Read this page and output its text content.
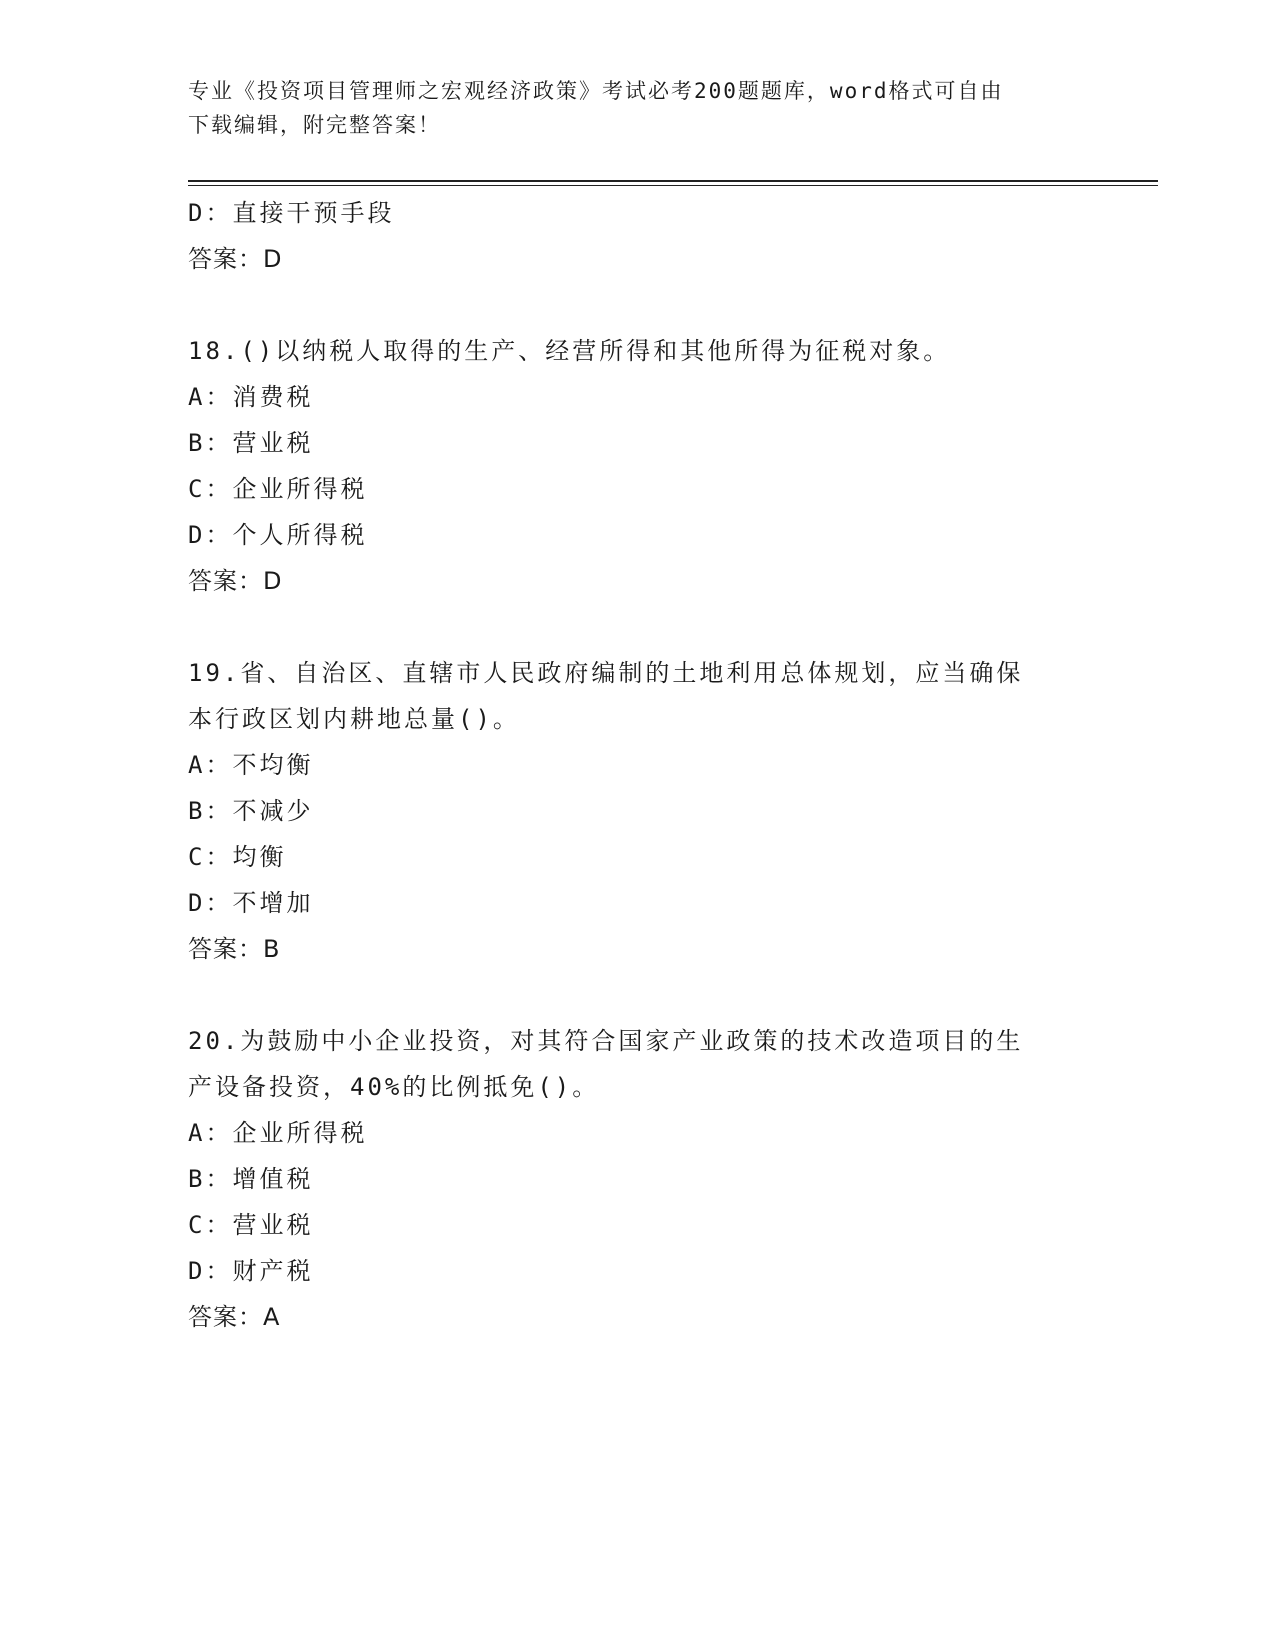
专业《投资项目管理师之宏观经济政策》考试必考200题题库，word格式可自由
下载编辑，附完整答案！
D：直接干预手段
答案：D
18.()以纳税人取得的生产、经营所得和其他所得为征税对象。
A：消费税
B：营业税
C：企业所得税
D：个人所得税
答案：D
19.省、自治区、直辖市人民政府编制的土地利用总体规划，应当确保
本行政区划内耕地总量()。
A：不均衡
B：不减少
C：均衡
D：不增加
答案：B
20.为鼓励中小企业投资，对其符合国家产业政策的技术改造项目的生
产设备投资，40%的比例抵免()。
A：企业所得税
B：增值税
C：营业税
D：财产税
答案：A
